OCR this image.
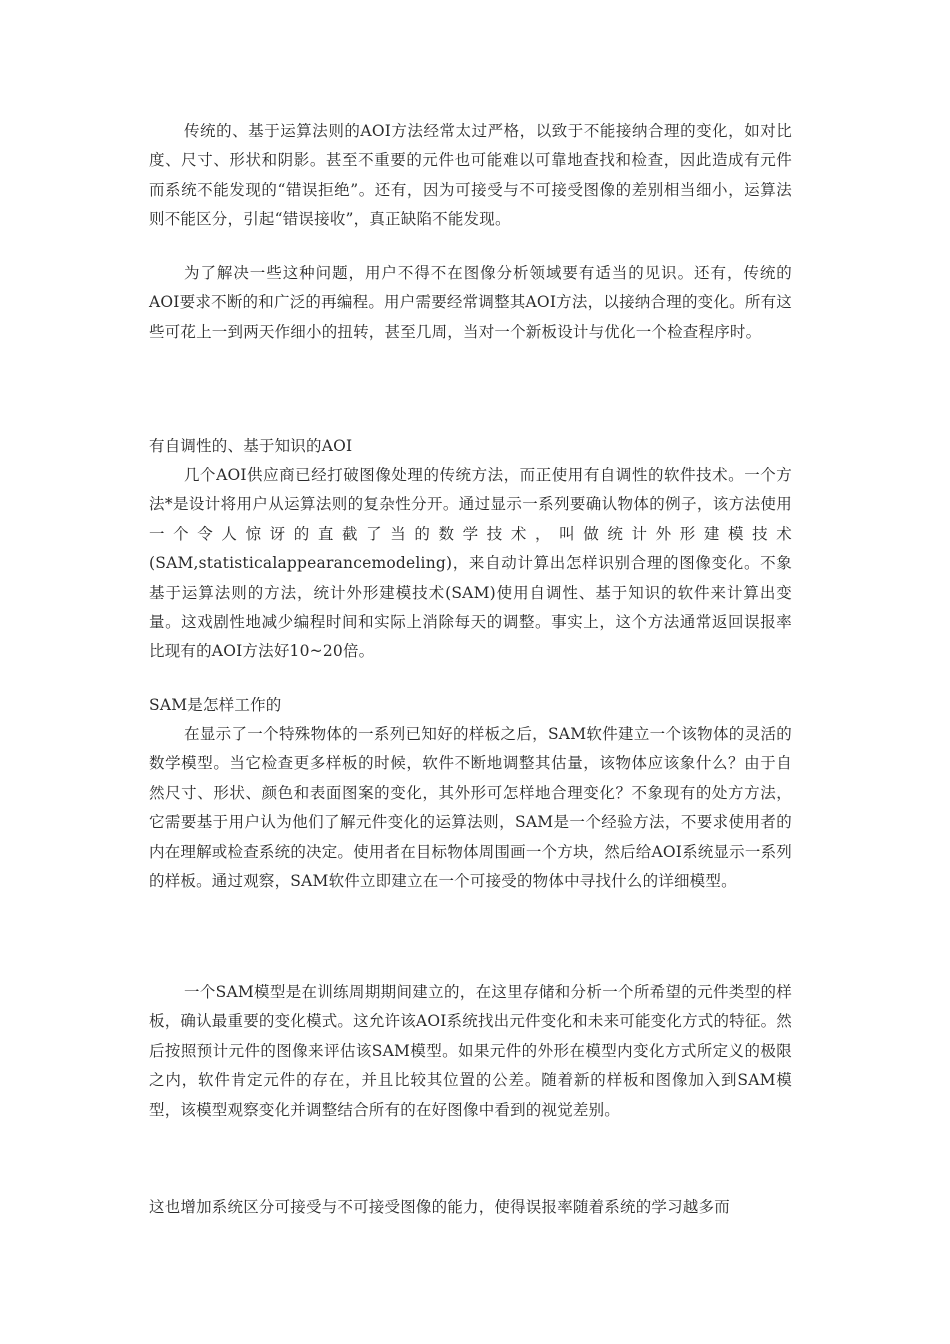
传统的、基于运算法则的AOI方法经常太过严格，以致于不能接纳合理的变化，如对比度、尺寸、形状和阴影。甚至不重要的元件也可能难以可靠地查找和检查，因此造成有元件而系统不能发现的“错误拒绝”。还有，因为可接受与不可接受图像的差别相当细小，运算法则不能区分，引起“错误接收”，真正缺陷不能发现。
为了解决一些这种问题，用户不得不在图像分析领域要有适当的见识。还有，传统的AOI要求不断的和广泛的再编程。用户需要经常调整其AOI方法，以接纳合理的变化。所有这些可花上一到两天作细小的扭转，甚至几周，当对一个新板设计与优化一个检查程序时。
有自调性的、基于知识的AOI
几个AOI供应商已经打破图像处理的传统方法，而正使用有自调性的软件技术。一个方法*是设计将用户从运算法则的复杂性分开。通过显示一系列要确认物体的例子，该方法使用一个令人惊讶的直截了当的数学技术，叫做统计外形建模技术(SAM,statisticalappearancemodeling)，来自动计算出怎样识别合理的图像变化。不象基于运算法则的方法，统计外形建模技术(SAM)使用自调性、基于知识的软件来计算出变量。这戏剧性地减少编程时间和实际上消除每天的调整。事实上，这个方法通常返回误报率比现有的AOI方法好10~20倍。
SAM是怎样工作的
在显示了一个特殊物体的一系列已知好的样板之后，SAM软件建立一个该物体的灵活的数学模型。当它检查更多样板的时候，软件不断地调整其估量，该物体应该象什么？由于自然尺寸、形状、颜色和表面图案的变化，其外形可怎样地合理变化？不象现有的处方方法，它需要基于用户认为他们了解元件变化的运算法则，SAM是一个经验方法，不要求使用者的内在理解或检查系统的决定。使用者在目标物体周围画一个方块，然后给AOI系统显示一系列的样板。通过观察，SAM软件立即建立在一个可接受的物体中寻找什么的详细模型。
一个SAM模型是在训练周期期间建立的，在这里存储和分析一个所希望的元件类型的样板，确认最重要的变化模式。这允许该AOI系统找出元件变化和未来可能变化方式的特征。然后按照预计元件的图像来评估该SAM模型。如果元件的外形在模型内变化方式所定义的极限之内，软件肯定元件的存在，并且比较其位置的公差。随着新的样板和图像加入到SAM模型，该模型观察变化并调整结合所有的在好图像中看到的视觉差别。
这也增加系统区分可接受与不可接受图像的能力，使得误报率随着系统的学习越多而
